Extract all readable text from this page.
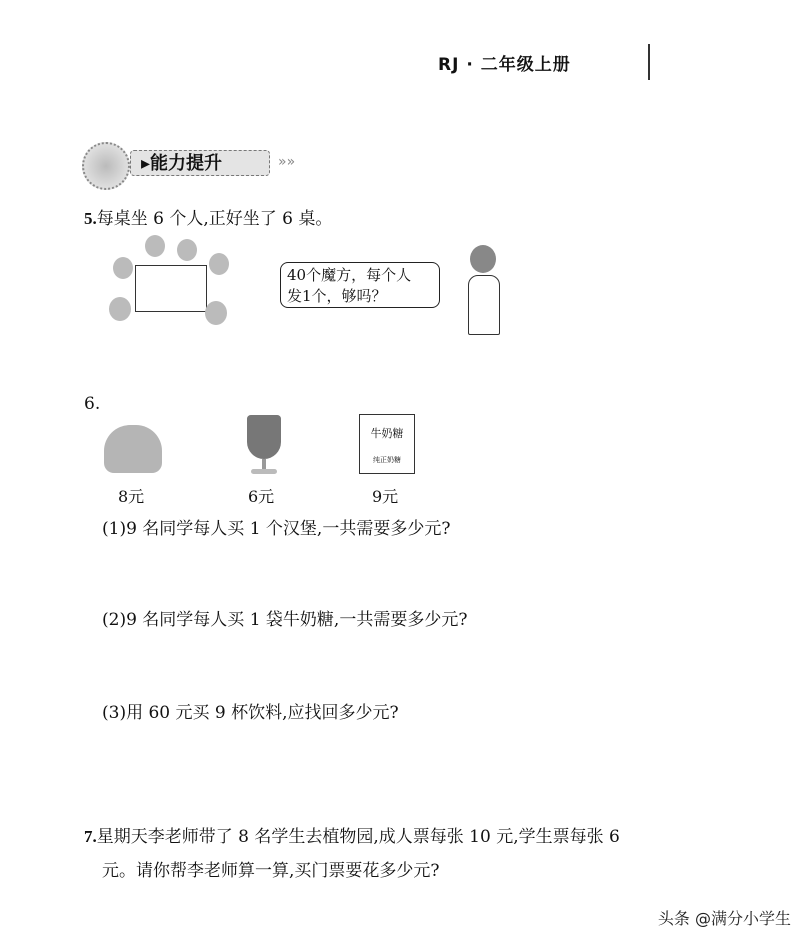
RJ · 二年级上册
▸能力提升	»»
5.每桌坐 6 个人,正好坐了 6 桌。
40个魔方，每个人
发1个，够吗？
6.
牛奶糖
纯正奶糖
8元	6元	9元
(1)9 名同学每人买 1 个汉堡,一共需要多少元?
(2)9 名同学每人买 1 袋牛奶糖,一共需要多少元?
(3)用 60 元买 9 杯饮料,应找回多少元?
7.星期天李老师带了 8 名学生去植物园,成人票每张 10 元,学生票每张 6
元。请你帮李老师算一算,买门票要花多少元?
头条 @满分小学生
